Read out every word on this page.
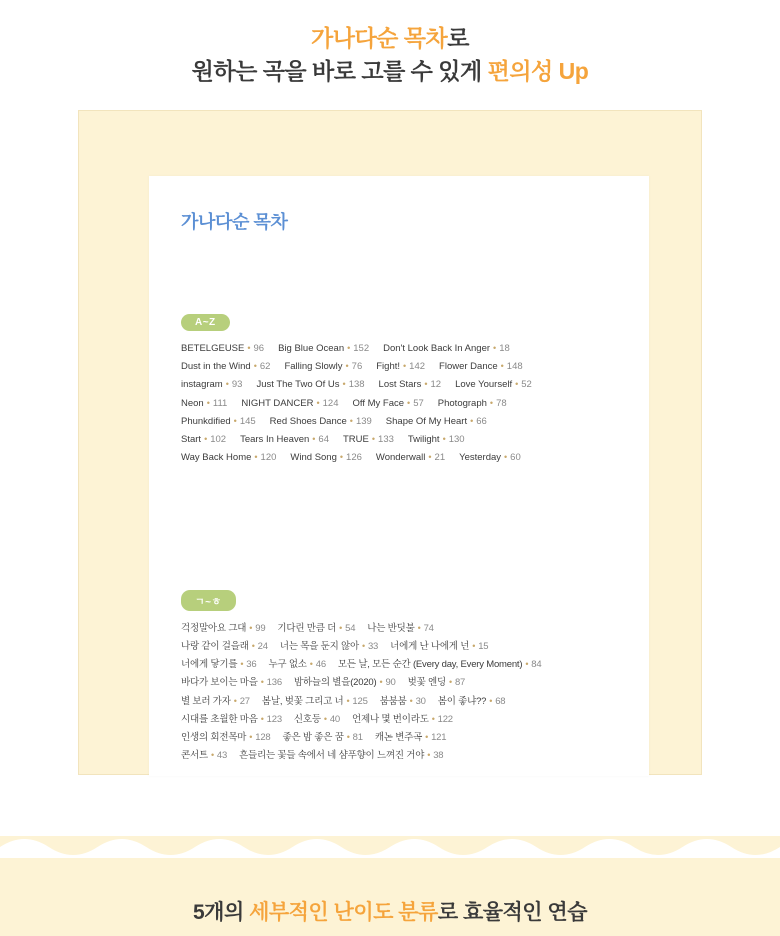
가나다순 목차로
원하는 곡을 바로 고를 수 있게 편의성 Up
가나다순 목차
A~Z
BETELGEUSE • 96 Big Blue Ocean • 152 Don't Look Back In Anger • 18
Dust in the Wind • 62 Falling Slowly • 76 Fight! • 142 Flower Dance • 148
instagram • 93 Just The Two Of Us • 138 Lost Stars • 12 Love Yourself • 52
Neon • 111 NIGHT DANCER • 124 Off My Face • 57 Photograph • 78
Phunkdified • 145 Red Shoes Dance • 139 Shape Of My Heart • 66
Start • 102 Tears In Heaven • 64 TRUE • 133 Twilight • 130
Way Back Home • 120 Wind Song • 126 Wonderwall • 21 Yesterday • 60
ㄱ~ㅎ
걱정말아요 그대 • 99 기다린 만큼 더 • 54 나는 반딧불 • 74
나랑 같이 걸을래 • 24 너는 목을 둔지 않아 • 33 너에게 난 나에게 넌 • 15
너에게 닿기를 • 36 누구 없소 • 46 모든 날, 모든 순간 (Every day, Every Moment) • 84
바다가 보이는 마을 • 136 밤하늘의 별을(2020) • 90 벚꽃 엔딩 • 87
별 보러 가자 • 27 봄날, 벚꽃 그리고 너 • 125 붐붐붐 • 30 봄이 좋냐?? • 68
시대를 초월한 마음 • 123 신호등 • 40 언제나 몇 번이라도 • 122
인생의 회전목마 • 128 좋은 밤 좋은 꿈 • 81 캐논 변주곡 • 121
콘서트 • 43 흔들리는 꽃들 속에서 네 샴푸향이 느껴진 거야 • 38
5개의 세부적인 난이도 분류로 효율적인 연습
